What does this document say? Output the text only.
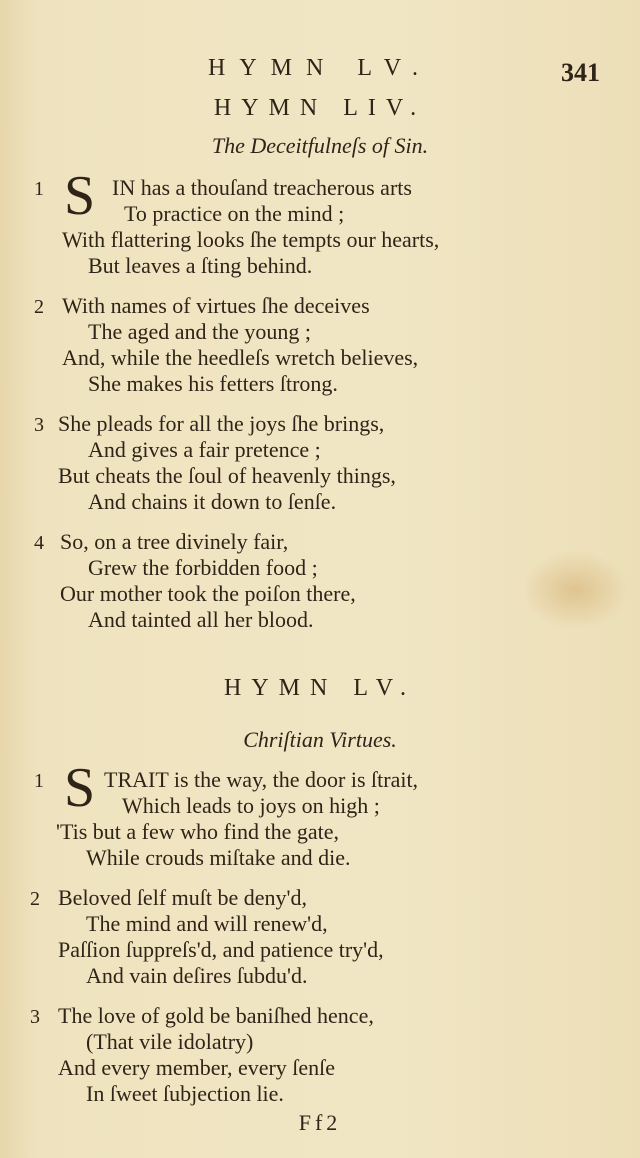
HYMN LV.	341
HYMN LIV.
The Deceitfulneſs of Sin.
1 S IN has a thouſand treacherous arts
To practice on the mind ;
With flattering looks ſhe tempts our hearts,
But leaves a ſting behind.
2 With names of virtues ſhe deceives
The aged and the young ;
And, while the heedleſs wretch believes,
She makes his fetters ſtrong.
3 She pleads for all the joys ſhe brings,
And gives a fair pretence ;
But cheats the ſoul of heavenly things,
And chains it down to ſenſe.
4 So, on a tree divinely fair,
Grew the forbidden food ;
Our mother took the poiſon there,
And tainted all her blood.
HYMN LV.
Chriſtian Virtues.
1 S TRAIT is the way, the door is ſtrait,
Which leads to joys on high ;
'Tis but a few who find the gate,
While crouds miſtake and die.
2 Beloved ſelf muſt be deny'd,
The mind and will renew'd,
Paſſion ſuppreſs'd, and patience try'd,
And vain deſires ſubdu'd.
3 The love of gold be baniſhed hence,
(That vile idolatry)
And every member, every ſenſe
In ſweet ſubjection lie.
Ff2
